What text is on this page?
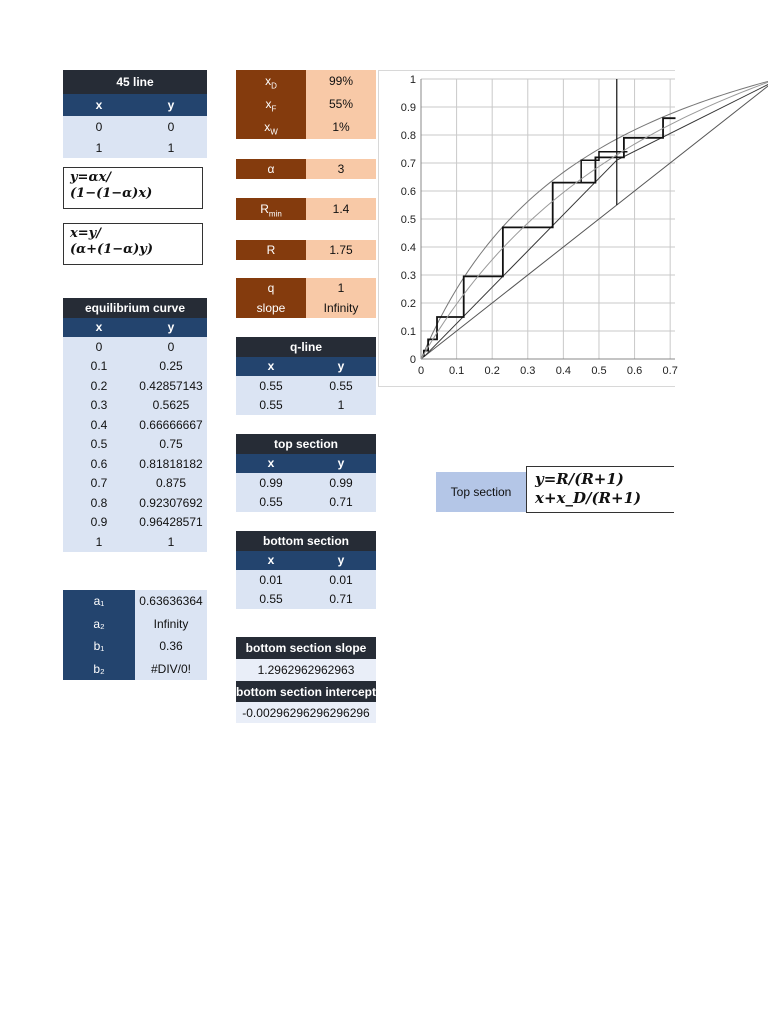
45 line	
x	y
0	0
1	1
y=αx/
(1−(1−α)x)
x=y/
(α+(1−α)y)
equilibrium curve	
x	y
0	0
0.1	0.25
0.2	0.42857143
0.3	0.5625
0.4	0.66666667
0.5	0.75
0.6	0.81818182
0.7	0.875
0.8	0.92307692
0.9	0.96428571
1	1
a₁	0.63636364
a₂	Infinity
b₁	0.36
b₂	#DIV/0!
$x_D$	99%
$x_F$	55%
$x_W$	1%
α	3
$R_{min}$	1.4
R	1.75
q	1
slope	Infinity
q-line	
x	y
0.55	0.55
0.55	1
top section	
x	y
0.99	0.99
0.55	0.71
bottom section	
x	y
0.01	0.01
0.55	0.71
bottom section slope
1.2962962962963
bottom section intercept
-0.00296296296296296
0
0.1
0.2
0.3
0.4
0.5
0.6
0.7
0.8
0.9
1
0 0.1 0.2 0.3 0.4 0.5 0.6 0.7
Top section
y=R/(R+1)
x+x_D/(R+1)
